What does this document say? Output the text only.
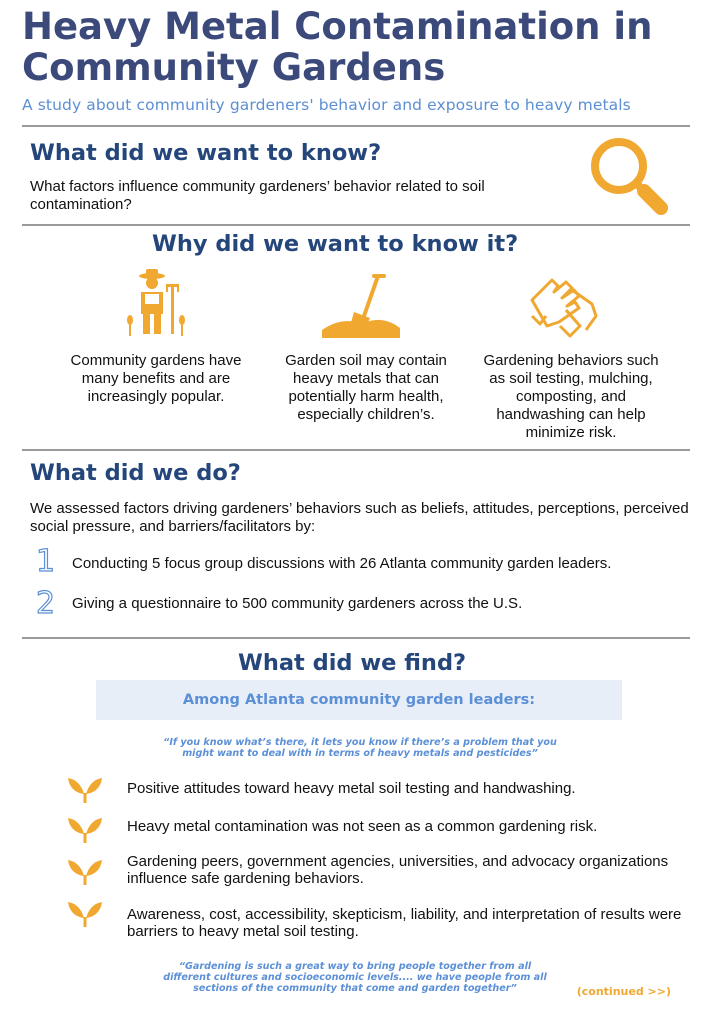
Heavy Metal Contamination in Community Gardens

A study about community gardeners' behavior and exposure to heavy metals

What did we want to know?

What factors influence community gardeners’ behavior related to soil contamination?

Why did we want to know it?
Community gardens have many benefits and are increasingly popular.
Garden soil may contain heavy metals that can potentially harm health, especially children’s.
Gardening behaviors such as soil testing, mulching, composting, and handwashing can help minimize risk.
What did we do?

We assessed factors driving gardeners’ behaviors such as beliefs, attitudes, perceptions, perceived social pressure, and barriers/facilitators by:

1 Conducting 5 focus group discussions with 26 Atlanta community garden leaders.
2 Giving a questionnaire to 500 community gardeners across the U.S.
What did we find?
Among Atlanta community garden leaders:
“If you know what’s there, it lets you know if there’s a problem that you might want to deal with in terms of heavy metals and pesticides”
Positive attitudes toward heavy metal soil testing and handwashing.
Heavy metal contamination was not seen as a common gardening risk.
Gardening peers, government agencies, universities, and advocacy organizations influence safe gardening behaviors.
Awareness, cost, accessibility, skepticism, liability, and interpretation of results were barriers to heavy metal soil testing.
“Gardening is such a great way to bring people together from all different cultures and socioeconomic levels.... we have people from all sections of the community that come and garden together”	(continued >>)
